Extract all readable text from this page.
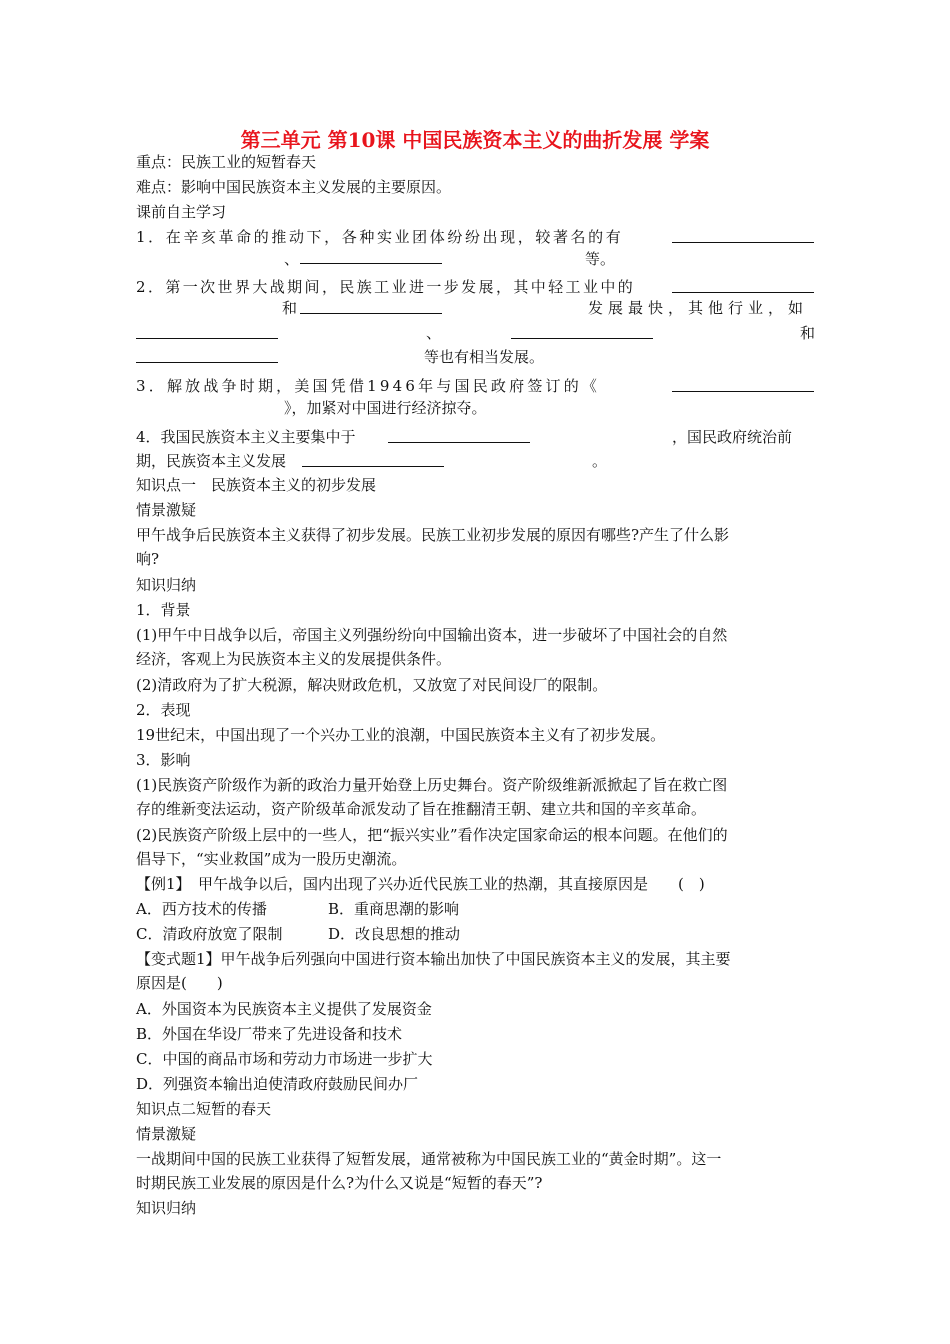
第三单元 第10课 中国民族资本主义的曲折发展 学案
重点：民族工业的短暂春天
难点：影响中国民族资本主义发展的主要原因。
课前自主学习
1．在辛亥革命的推动下，各种实业团体纷纷出现，较著名的有
、	等。
2．第一次世界大战期间，民族工业进一步发展，其中轻工业中的
和	发展最快，其他行业，如
、	和
等也有相当发展。
3．解放战争时期，美国凭借1946年与国民政府签订的《
》，加紧对中国进行经济掠夺。
4．我国民族资本主义主要集中于	，国民政府统治前
期，民族资本主义发展	。
知识点一　民族资本主义的初步发展
情景激疑
甲午战争后民族资本主义获得了初步发展。民族工业初步发展的原因有哪些?产生了什么影
响?
知识归纳
1．背景
(1)甲午中日战争以后，帝国主义列强纷纷向中国输出资本，进一步破坏了中国社会的自然
经济，客观上为民族资本主义的发展提供条件。
(2)清政府为了扩大税源，解决财政危机，又放宽了对民间设厂的限制。
2．表现
19世纪末，中国出现了一个兴办工业的浪潮，中国民族资本主义有了初步发展。
3．影响
(1)民族资产阶级作为新的政治力量开始登上历史舞台。资产阶级维新派掀起了旨在救亡图
存的维新变法运动，资产阶级革命派发动了旨在推翻清王朝、建立共和国的辛亥革命。
(2)民族资产阶级上层中的一些人，把“振兴实业”看作决定国家命运的根本问题。在他们的
倡导下，“实业救国”成为一股历史潮流。
【例1】　甲午战争以后，国内出现了兴办近代民族工业的热潮，其直接原因是　　(　)
A．西方技术的传播	B．重商思潮的影响
C．清政府放宽了限制	D．改良思想的推动
【变式题1】甲午战争后列强向中国进行资本输出加快了中国民族资本主义的发展，其主要
原因是(　　)
A．外国资本为民族资本主义提供了发展资金
B．外国在华设厂带来了先进设备和技术
C．中国的商品市场和劳动力市场进一步扩大
D．列强资本输出迫使清政府鼓励民间办厂
知识点二短暂的春天
情景激疑
一战期间中国的民族工业获得了短暂发展，通常被称为中国民族工业的“黄金时期”。这一
时期民族工业发展的原因是什么?为什么又说是“短暂的春天”?
知识归纳
